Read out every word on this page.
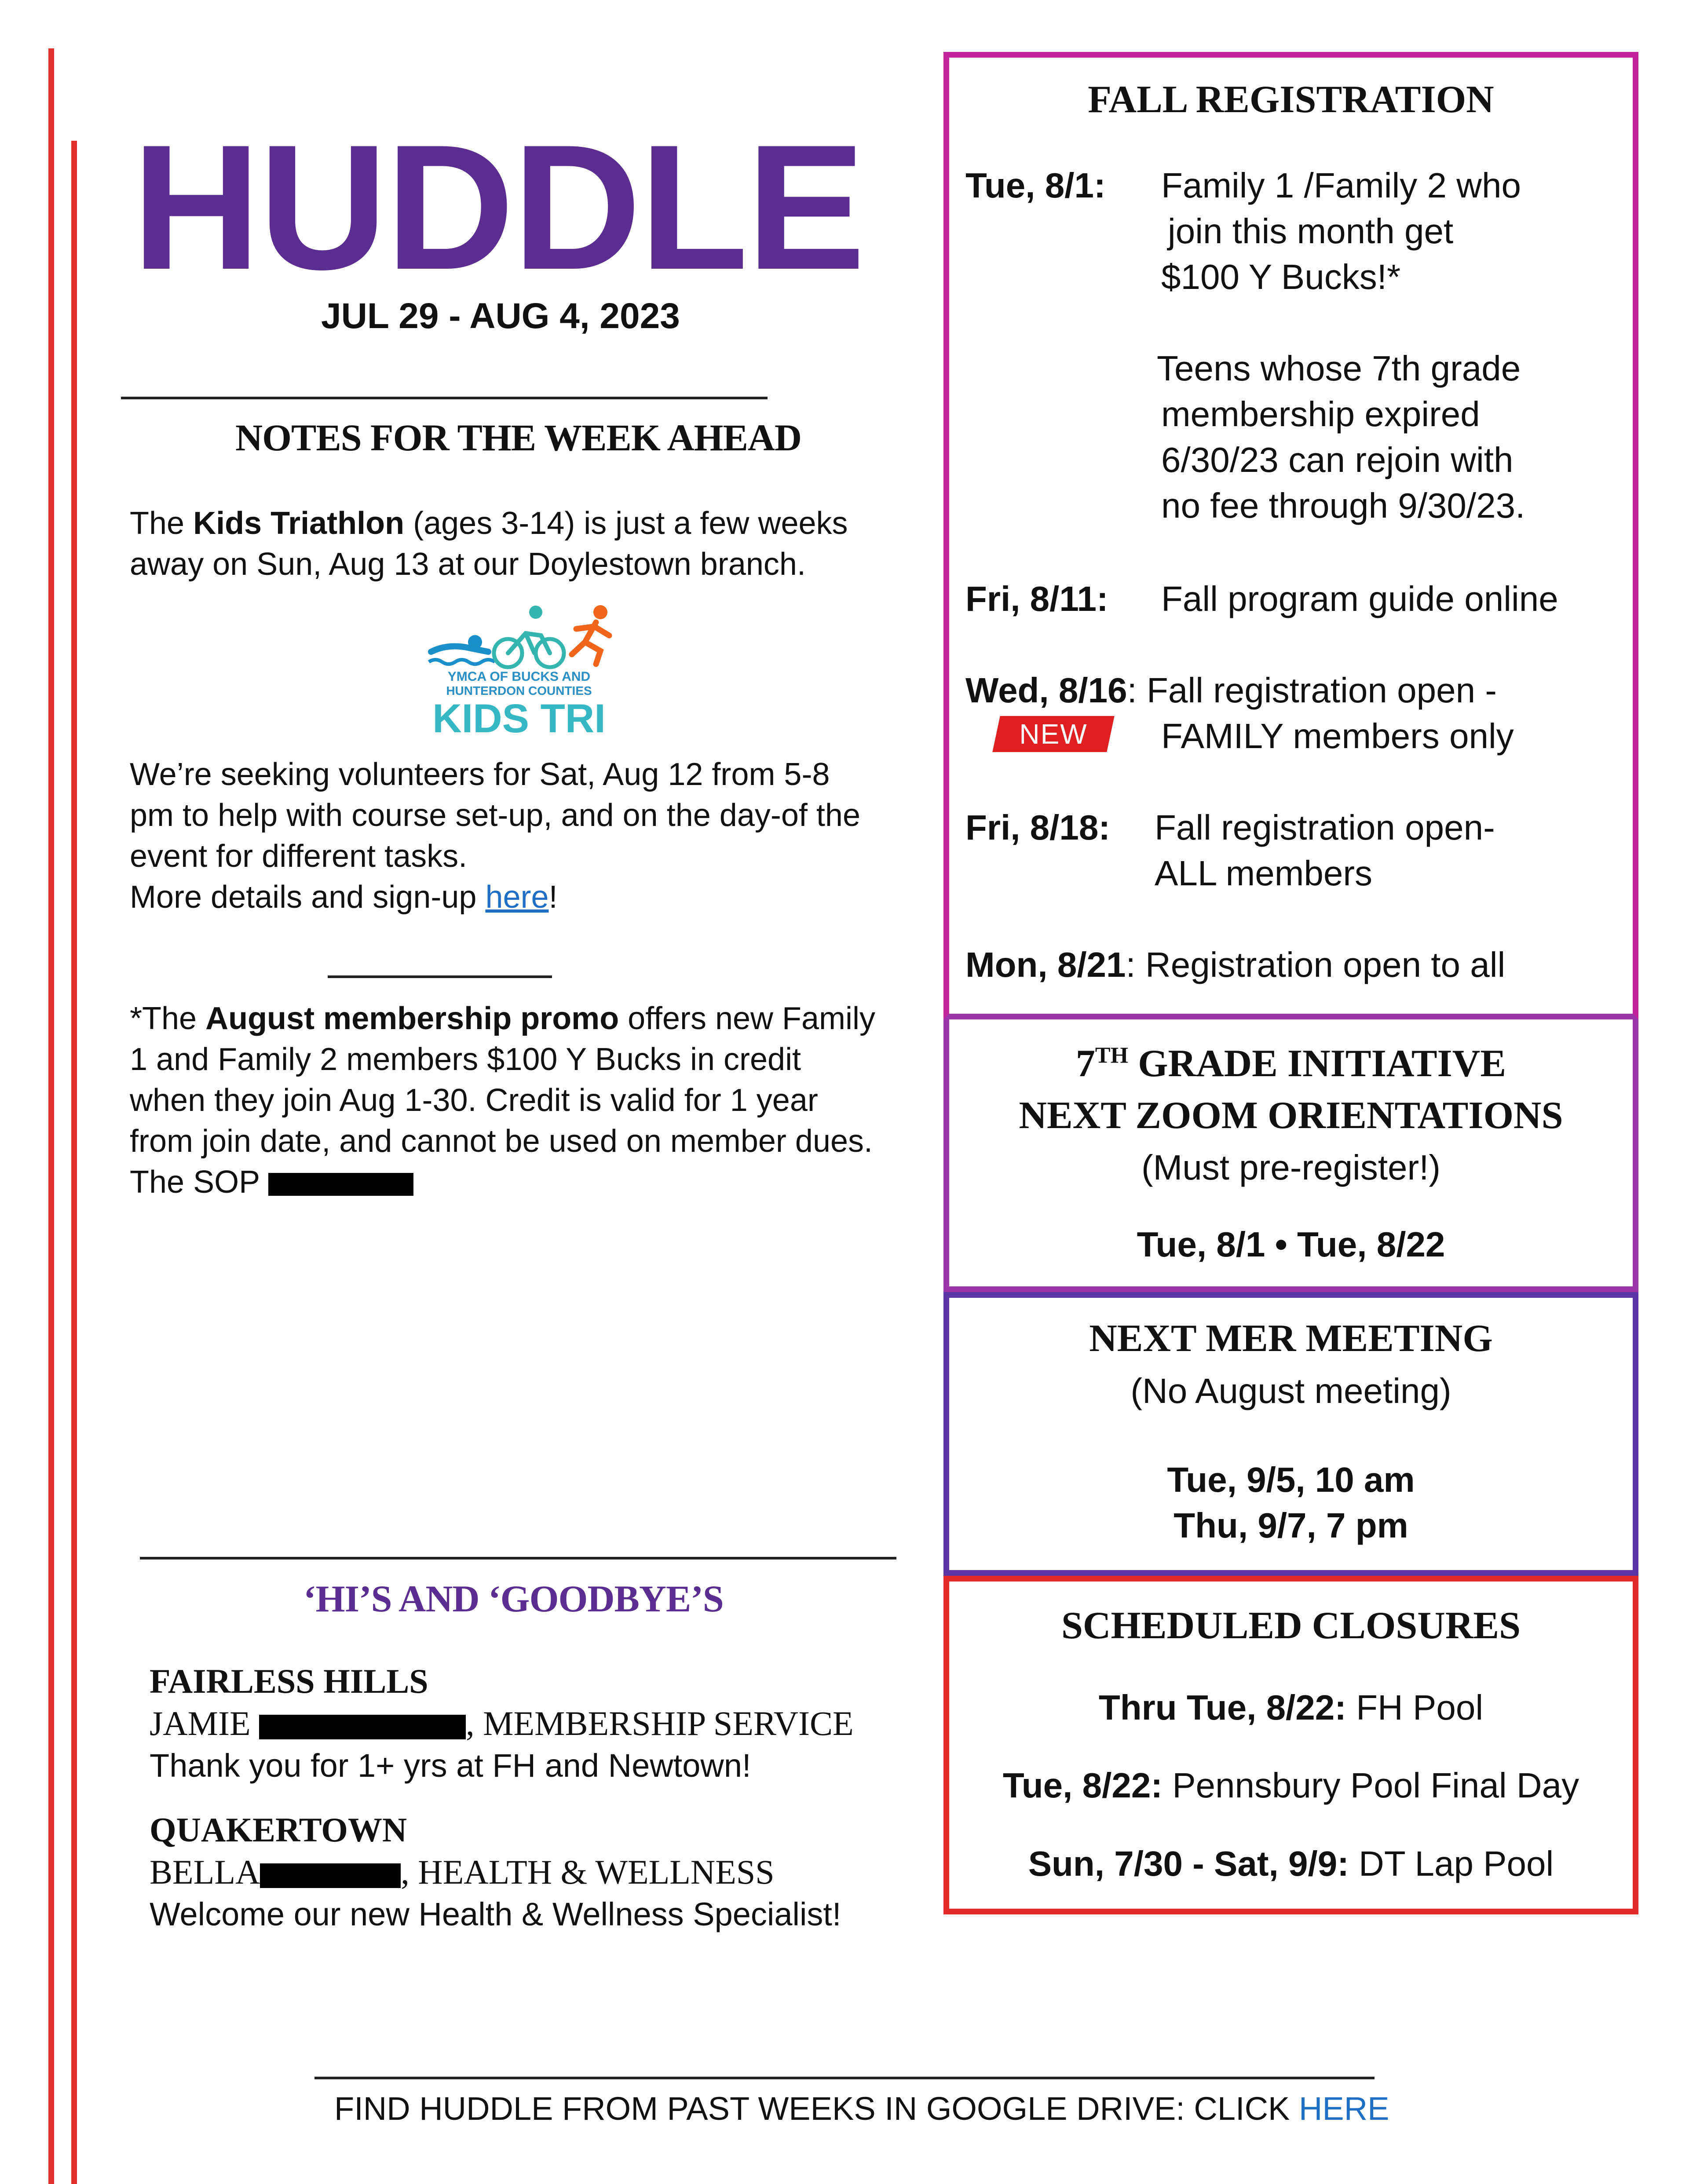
HUDDLE
JUL 29 - AUG 4, 2023
NOTES FOR THE WEEK AHEAD
The Kids Triathlon (ages 3-14) is just a few weeks
away on Sun, Aug 13 at our Doylestown branch.
YMCA OF BUCKS AND
HUNTERDON COUNTIES
KIDS TRI
We’re seeking volunteers for Sat, Aug 12 from 5-8
pm to help with course set-up, and on the day-of the
event for different tasks.
More details and sign-up here!
*The August membership promo offers new Family
1 and Family 2 members $100 Y Bucks in credit
when they join Aug 1-30. Credit is valid for 1 year
from join date, and cannot be used on member dues.
The SOP
‘HI’S AND ‘GOODBYE’S
FAIRLESS HILLS
JAMIE	, MEMBERSHIP SERVICE
Thank you for 1+ yrs at FH and Newtown!
QUAKERTOWN
BELLA	, HEALTH & WELLNESS
Welcome our new Health & Wellness Specialist!
FIND HUDDLE FROM PAST WEEKS IN GOOGLE DRIVE: CLICK HERE
FALL REGISTRATION
Tue, 8/1: Family 1 /Family 2 who
join this month get
$100 Y Bucks!*
Teens whose 7th grade
membership expired
6/30/23 can rejoin with
no fee through 9/30/23.
Fri, 8/11: Fall program guide online
Wed, 8/16: Fall registration open -
NEW	FAMILY members only
Fri, 8/18: Fall registration open-
ALL members
Mon, 8/21: Registration open to all
7TH GRADE INITIATIVE
NEXT ZOOM ORIENTATIONS
(Must pre-register!)
Tue, 8/1 • Tue, 8/22
NEXT MER MEETING
(No August meeting)
Tue, 9/5, 10 am
Thu, 9/7, 7 pm
SCHEDULED CLOSURES
Thru Tue, 8/22: FH Pool
Tue, 8/22: Pennsbury Pool Final Day
Sun, 7/30 - Sat, 9/9: DT Lap Pool
